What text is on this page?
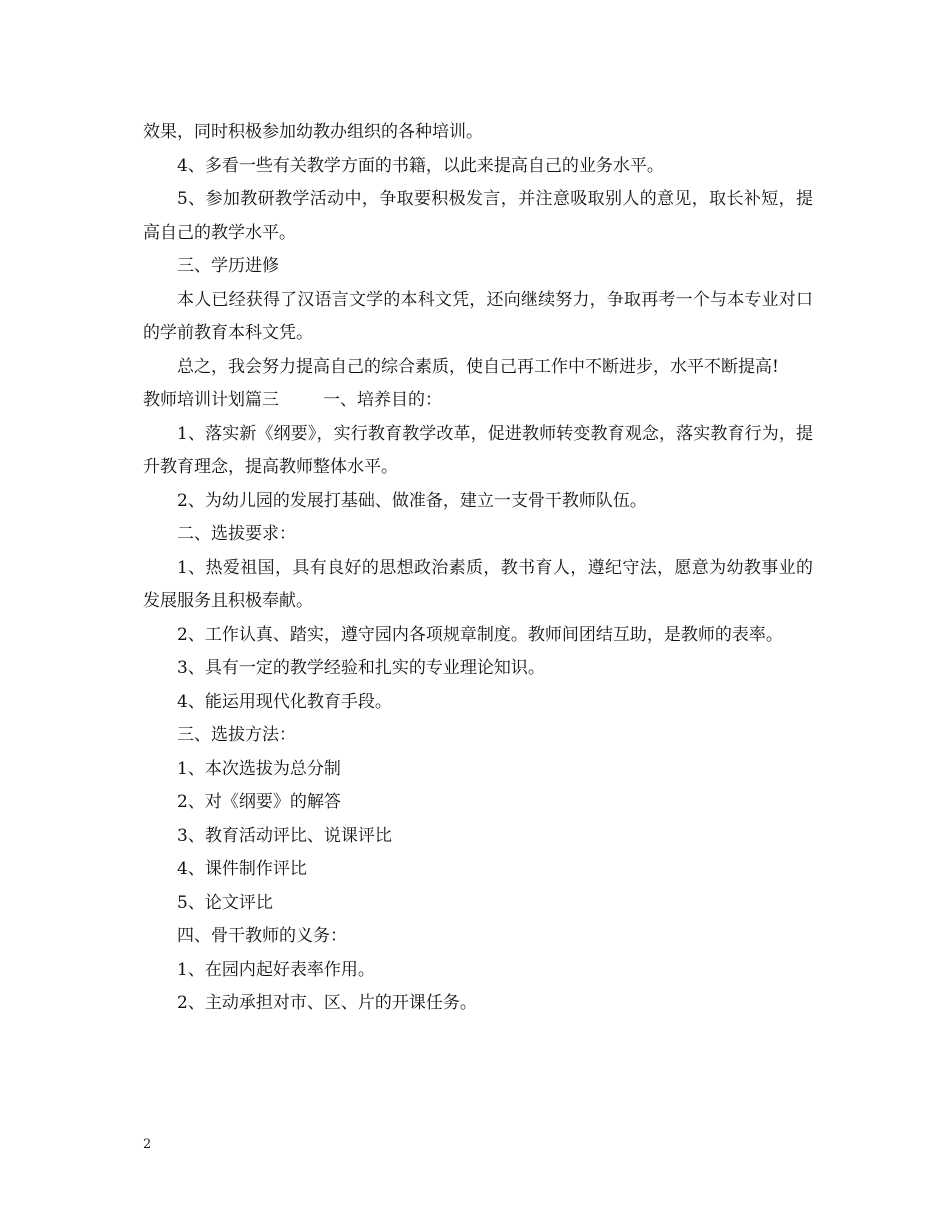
效果，同时积极参加幼教办组织的各种培训。

4、多看一些有关教学方面的书籍，以此来提高自己的业务水平。

5、参加教研教学活动中，争取要积极发言，并注意吸取别人的意见，取长补短，提高自己的教学水平。

三、学历进修

本人已经获得了汉语言文学的本科文凭，还向继续努力，争取再考一个与本专业对口的学前教育本科文凭。

总之，我会努力提高自己的综合素质，使自己再工作中不断进步，水平不断提高!

教师培训计划篇三	一、培养目的：

1、落实新《纲要》，实行教育教学改革，促进教师转变教育观念，落实教育行为，提升教育理念，提高教师整体水平。

2、为幼儿园的发展打基础、做准备，建立一支骨干教师队伍。

二、选拔要求：

1、热爱祖国，具有良好的思想政治素质，教书育人，遵纪守法，愿意为幼教事业的发展服务且积极奉献。

2、工作认真、踏实，遵守园内各项规章制度。教师间团结互助，是教师的表率。

3、具有一定的教学经验和扎实的专业理论知识。

4、能运用现代化教育手段。

三、选拔方法：

1、本次选拔为总分制

2、对《纲要》的解答

3、教育活动评比、说课评比

4、课件制作评比

5、论文评比

四、骨干教师的义务：

1、在园内起好表率作用。

2、主动承担对市、区、片的开课任务。

2
